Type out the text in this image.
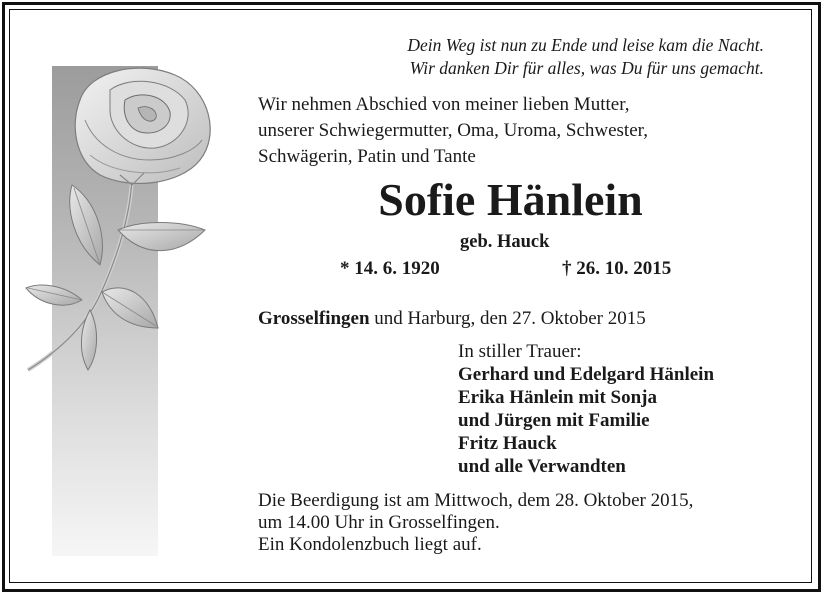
Dein Weg ist nun zu Ende und leise kam die Nacht.
Wir danken Dir für alles, was Du für uns gemacht.
Wir nehmen Abschied von meiner lieben Mutter,
unserer Schwiegermutter, Oma, Uroma, Schwester,
Schwägerin, Patin und Tante
Sofie Hänlein
geb. Hauck
* 14. 6. 1920	† 26. 10. 2015
Grosselfingen und Harburg, den 27. Oktober 2015
In stiller Trauer:
Gerhard und Edelgard Hänlein
Erika Hänlein mit Sonja
und Jürgen mit Familie
Fritz Hauck
und alle Verwandten
Die Beerdigung ist am Mittwoch, dem 28. Oktober 2015,
um 14.00 Uhr in Grosselfingen.
Ein Kondolenzbuch liegt auf.
